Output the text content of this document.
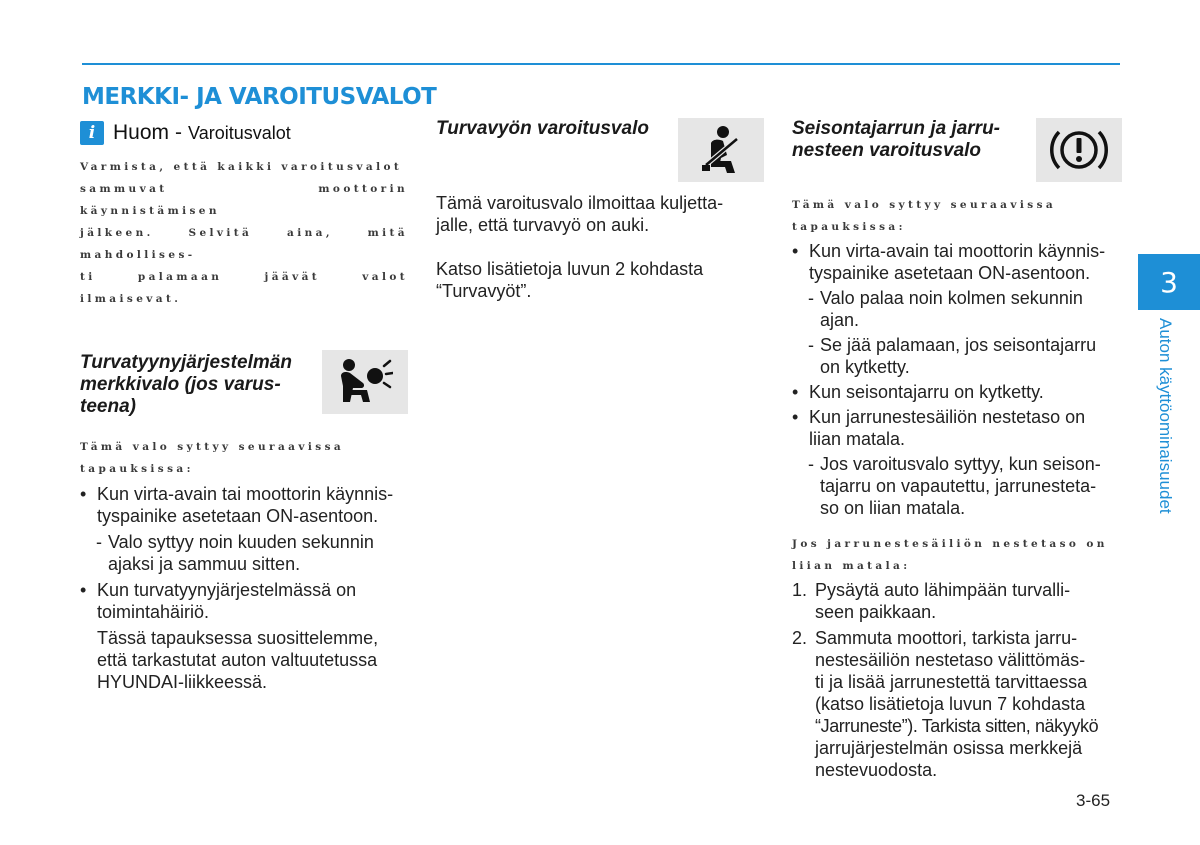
MERKKI- JA VAROITUSVALOT
i Huom - Varoitusvalot

Varmista, että kaikki varoitusvalot

sammuvat moottorin käynnistämisen

jälkeen. Selvitä aina, mitä mahdollises-

ti palamaan jäävät valot ilmaisevat.

Turvatyynyjärjestelmän
merkkivalo (jos varus-
teena)

Tämä valo syttyy seuraavissa

tapauksissa:

• Kun virta-avain tai moottorin käynnis-
tyspainike asetetaan ON-asentoon.
- Valo syttyy noin kuuden sekunnin
ajaksi ja sammuu sitten.
• Kun turvatyynyjärjestelmässä on
toimintahäiriö.
Tässä tapauksessa suosittelemme,
että tarkastutat auton valtuutetussa
HYUNDAI-liikkeessä.
Turvavyön varoitusvalo

Tämä varoitusvalo ilmoittaa kuljetta-
jalle, että turvavyö on auki.

Katso lisätietoja luvun 2 kohdasta
“Turvavyöt”.

Seisontajarrun ja jarru-
nesteen varoitusvalo

Tämä valo syttyy seuraavissa

tapauksissa:

• Kun virta-avain tai moottorin käynnis-
tyspainike asetetaan ON-asentoon.
- Valo palaa noin kolmen sekunnin
ajan.
- Se jää palamaan, jos seisontajarru
on kytketty.
• Kun seisontajarru on kytketty.
• Kun jarrunestesäiliön nestetaso on
liian matala.
- Jos varoitusvalo syttyy, kun seison-
tajarru on vapautettu, jarrunesteta-
so on liian matala.

Jos jarrunestesäiliön nestetaso on

liian matala:

1. Pysäytä auto lähimpään turvalli-
seen paikkaan.
2. Sammuta moottori, tarkista jarru-
nestesäiliön nestetaso välittömäs-
ti ja lisää jarrunestettä tarvittaessa
(katso lisätietoja luvun 7 kohdasta
“Jarruneste”). Tarkista sitten, näkyykö
jarrujärjestelmän osissa merkkejä
nestevuodosta.
3
Auton käyttöominaisuudet
3-65
